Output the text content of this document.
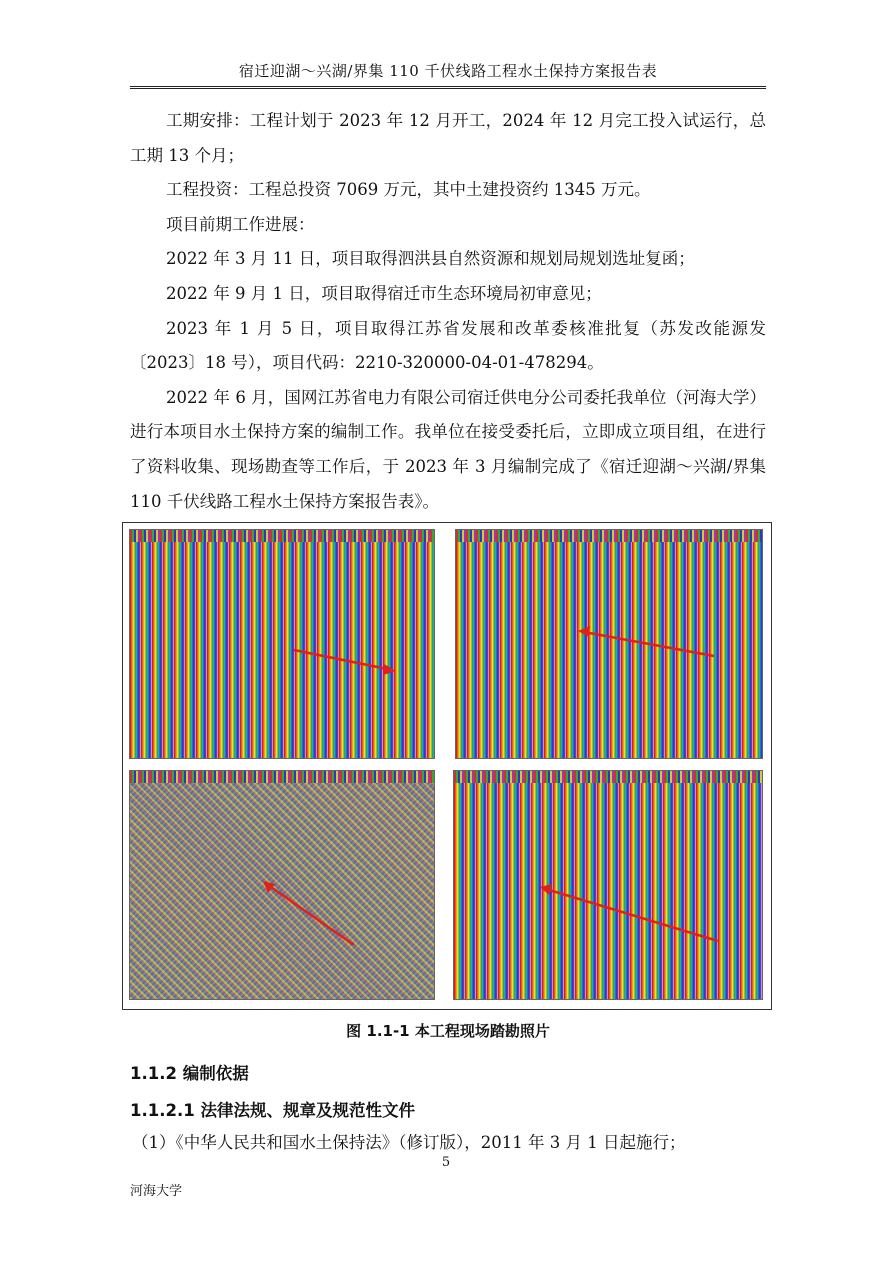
宿迁迎湖～兴湖/界集 110 千伏线路工程水土保持方案报告表

工期安排：工程计划于 2023 年 12 月开工，2024 年 12 月完工投入试运行，总工期 13 个月；

工程投资：工程总投资 7069 万元，其中土建投资约 1345 万元。

项目前期工作进展：

2022 年 3 月 11 日，项目取得泗洪县自然资源和规划局规划选址复函；

2022 年 9 月 1 日，项目取得宿迁市生态环境局初审意见；

2023 年 1 月 5 日，项目取得江苏省发展和改革委核准批复（苏发改能源发〔2023〕18 号），项目代码：2210-320000-04-01-478294。

2022 年 6 月，国网江苏省电力有限公司宿迁供电分公司委托我单位（河海大学）进行本项目水土保持方案的编制工作。我单位在接受委托后，立即成立项目组，在进行了资料收集、现场勘查等工作后，于 2023 年 3 月编制完成了《宿迁迎湖～兴湖/界集 110 千伏线路工程水土保持方案报告表》。

图 1.1-1 本工程现场踏勘照片
1.1.2 编制依据
1.1.2.1 法律法规、规章及规范性文件
（1）《中华人民共和国水土保持法》（修订版），2011 年 3 月 1 日起施行；
5
河海大学
